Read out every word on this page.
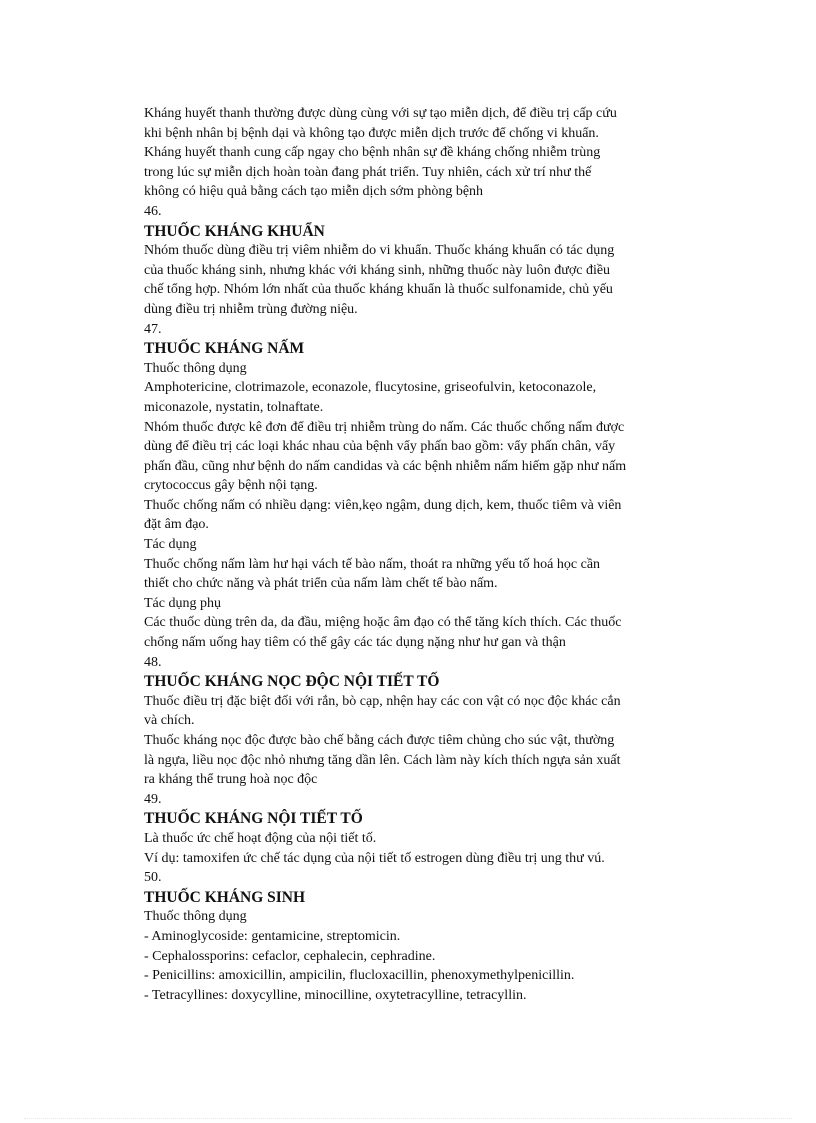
Kháng huyết thanh thường được dùng cùng với sự tạo miễn dịch, để điều trị cấp cứu
khi bệnh nhân bị bệnh dại và không tạo được miễn dịch trước để chống vi khuẩn.
Kháng huyết thanh cung cấp ngay cho bệnh nhân sự đề kháng chống nhiễm trùng
trong lúc sự miễn dịch hoàn toàn đang phát triển. Tuy nhiên, cách xử trí như thế
không có hiệu quả bằng cách tạo miễn dịch sớm phòng bệnh
46.
THUỐC KHÁNG KHUẨN
Nhóm thuốc dùng điều trị viêm nhiễm do vi khuẩn. Thuốc kháng khuẩn có tác dụng
của thuốc kháng sinh, nhưng khác với kháng sinh, những thuốc này luôn được điều
chế tổng hợp. Nhóm lớn nhất của thuốc kháng khuẩn là thuốc sulfonamide, chủ yếu
dùng điều trị nhiễm trùng đường niệu.
47.
THUỐC KHÁNG NẤM
Thuốc thông dụng
Amphotericine, clotrimazole, econazole, flucytosine, griseofulvin, ketoconazole,
miconazole, nystatin, tolnaftate.
Nhóm thuốc được kê đơn để điều trị nhiễm trùng do nấm. Các thuốc chống nấm được
dùng để điều trị các loại khác nhau của bệnh vẩy phấn bao gồm: vẩy phấn chân, vẩy
phấn đầu, cũng như bệnh do nấm candidas và các bệnh nhiễm nấm hiếm gặp như nấm
crytococcus gây bệnh nội tạng.
Thuốc chống nấm có nhiều dạng: viên,kẹo ngậm, dung dịch, kem, thuốc tiêm và viên
đặt âm đạo.
Tác dụng
Thuốc chống nấm làm hư hại vách tế bào nấm, thoát ra những yếu tố hoá học cần
thiết cho chức năng và phát triển của nấm làm chết tế bào nấm.
Tác dụng phụ
Các thuốc dùng trên da, da đầu, miệng hoặc âm đạo có thể tăng kích thích. Các thuốc
chống nấm uống hay tiêm có thể gây các tác dụng nặng như hư gan và thận
48.
THUỐC KHÁNG NỌC ĐỘC NỘI TIẾT TỐ
Thuốc điều trị đặc biệt đối với rắn, bò cạp, nhện hay các con vật có nọc độc khác cắn
và chích.
Thuốc kháng nọc độc được bào chế bằng cách được tiêm chủng cho súc vật, thường
là ngựa, liều nọc độc nhỏ nhưng tăng dần lên. Cách làm này kích thích ngựa sản xuất
ra kháng thể trung hoà nọc độc
49.
THUỐC KHÁNG NỘI TIẾT TỐ
Là thuốc ức chế hoạt động của nội tiết tố.
Ví dụ: tamoxifen ức chế tác dụng của nội tiết tố estrogen dùng điều trị ung thư vú.
50.
THUỐC KHÁNG SINH
Thuốc thông dụng
- Aminoglycoside: gentamicine, streptomicin.
- Cephalossporins: cefaclor, cephalecin, cephradine.
- Penicillins: amoxicillin, ampicilin, flucloxacillin, phenoxymethylpenicillin.
- Tetracyllines: doxycylline, minocilline, oxytetracylline, tetracyllin.
